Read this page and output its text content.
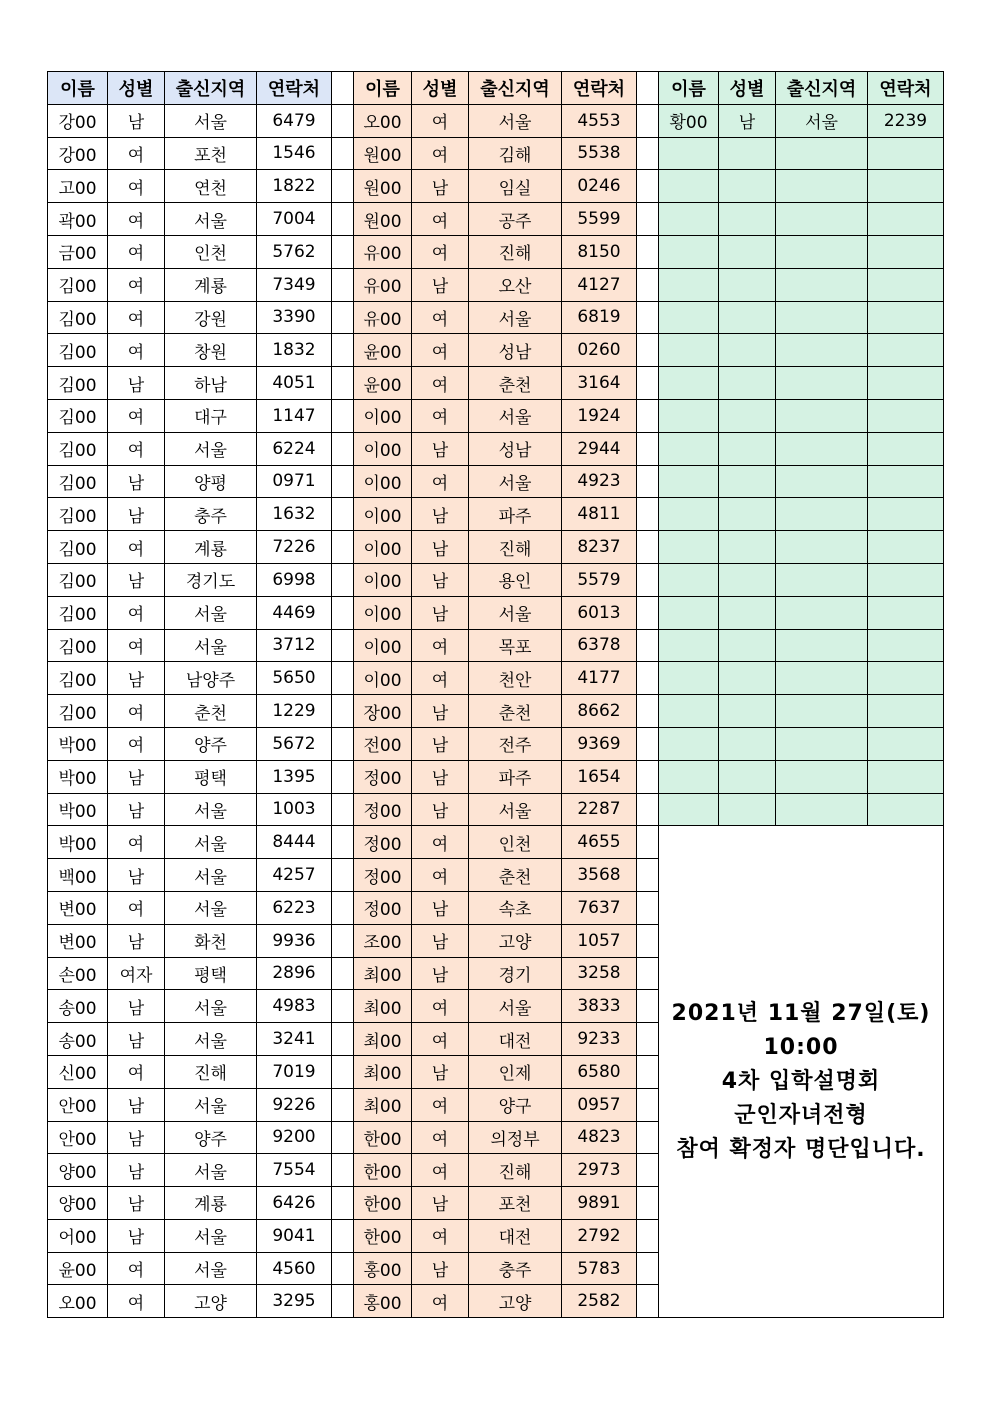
이름	성별	출신지역	연락처		이름	성별	출신지역	연락처		이름	성별	출신지역	연락처
강00	남	서울	6479		오00	여	서울	4553		황00	남	서울	2239
강00	여	포천	1546		원00	여	김해	5538					
고00	여	연천	1822		원00	남	임실	0246					
곽00	여	서울	7004		원00	여	공주	5599					
금00	여	인천	5762		유00	여	진해	8150					
김00	여	계룡	7349		유00	남	오산	4127					
김00	여	강원	3390		유00	여	서울	6819					
김00	여	창원	1832		윤00	여	성남	0260					
김00	남	하남	4051		윤00	여	춘천	3164					
김00	여	대구	1147		이00	여	서울	1924					
김00	여	서울	6224		이00	남	성남	2944					
김00	남	양평	0971		이00	여	서울	4923					
김00	남	충주	1632		이00	남	파주	4811					
김00	여	계룡	7226		이00	남	진해	8237					
김00	남	경기도	6998		이00	남	용인	5579					
김00	여	서울	4469		이00	남	서울	6013					
김00	여	서울	3712		이00	여	목포	6378					
김00	남	남양주	5650		이00	여	천안	4177					
김00	여	춘천	1229		장00	남	춘천	8662					
박00	여	양주	5672		전00	남	전주	9369					
박00	남	평택	1395		정00	남	파주	1654					
박00	남	서울	1003		정00	남	서울	2287					
박00	여	서울	8444		정00	여	인천	4655		2021년 11월 27일(토)
10:00
4차 입학설명회
군인자녀전형
참여 확정자 명단입니다.			

백00	남	서울	4257		정00	여	춘천	3568					
변00	여	서울	6223		정00	남	속초	7637					
변00	남	화천	9936		조00	남	고양	1057					
손00	여자	평택	2896		최00	남	경기	3258					
송00	남	서울	4983		최00	여	서울	3833					
송00	남	서울	3241		최00	여	대전	9233					
신00	여	진해	7019		최00	남	인제	6580					
안00	남	서울	9226		최00	여	양구	0957					
안00	남	양주	9200		한00	여	의정부	4823					
양00	남	서울	7554		한00	여	진해	2973					
양00	남	계룡	6426		한00	남	포천	9891					
어00	남	서울	9041		한00	여	대전	2792					
윤00	여	서울	4560		홍00	남	충주	5783					
오00	여	고양	3295		홍00	여	고양	2582					
